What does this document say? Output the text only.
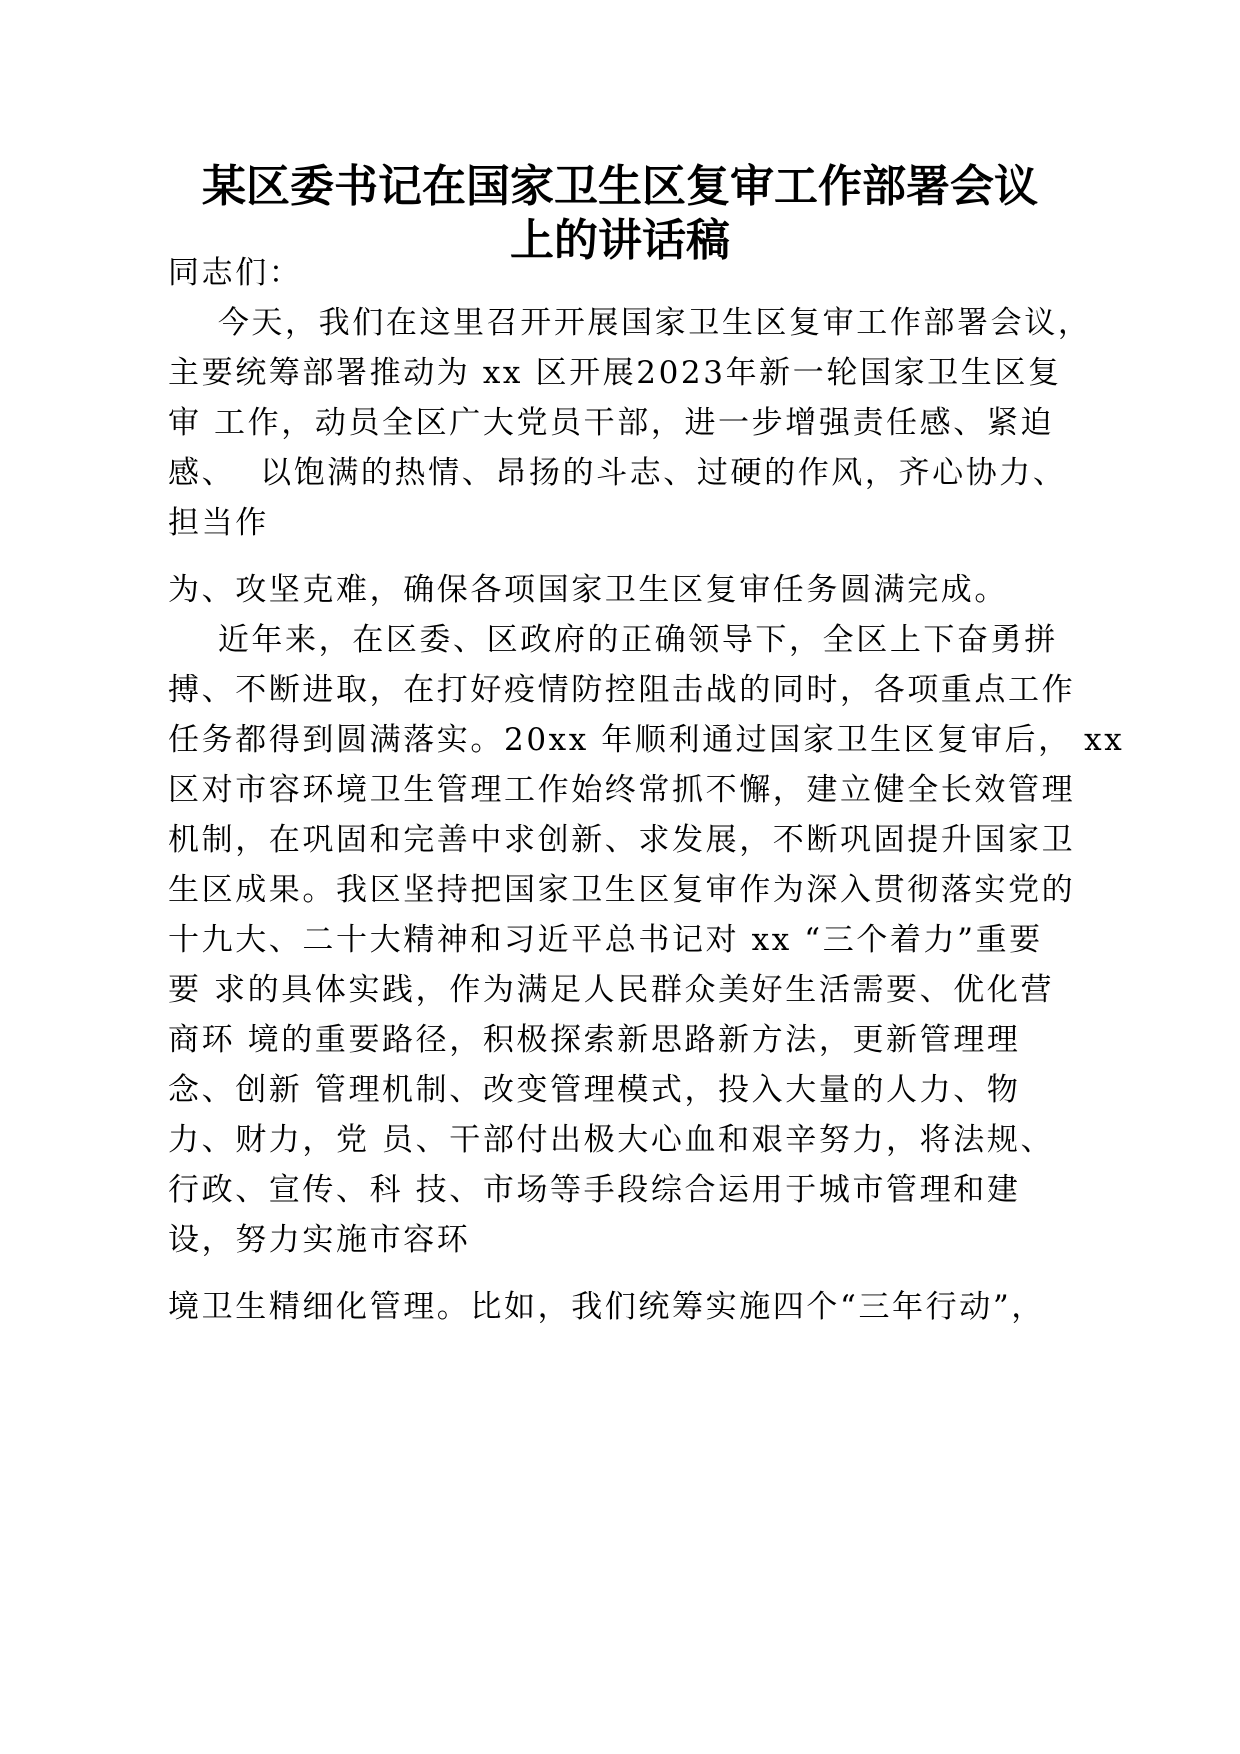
某区委书记在国家卫生区复审工作部署会议
上的讲话稿
同志们：
今天，我们在这里召开开展国家卫生区复审工作部署会议，
主要统筹部署推动为 xx 区开展2023年新一轮国家卫生区复
审 工作，动员全区广大党员干部，进一步增强责任感、紧迫
感、  以饱满的热情、昂扬的斗志、过硬的作风，齐心协力、
担当作
为、攻坚克难，确保各项国家卫生区复审任务圆满完成。
近年来，在区委、区政府的正确领导下，全区上下奋勇拼
搏、不断进取，在打好疫情防控阻击战的同时，各项重点工作
任务都得到圆满落实。20xx 年顺利通过国家卫生区复审后， xx
区对市容环境卫生管理工作始终常抓不懈，建立健全长效管理
机制，在巩固和完善中求创新、求发展，不断巩固提升国家卫
生区成果。我区坚持把国家卫生区复审作为深入贯彻落实党的
十九大、二十大精神和习近平总书记对 xx “三个着力”重要
要 求的具体实践，作为满足人民群众美好生活需要、优化营
商环 境的重要路径，积极探索新思路新方法，更新管理理
念、创新 管理机制、改变管理模式，投入大量的人力、物
力、财力，党 员、干部付出极大心血和艰辛努力，将法规、
行政、宣传、科 技、市场等手段综合运用于城市管理和建
设，努力实施市容环
境卫生精细化管理。比如，我们统筹实施四个“三年行动”，
